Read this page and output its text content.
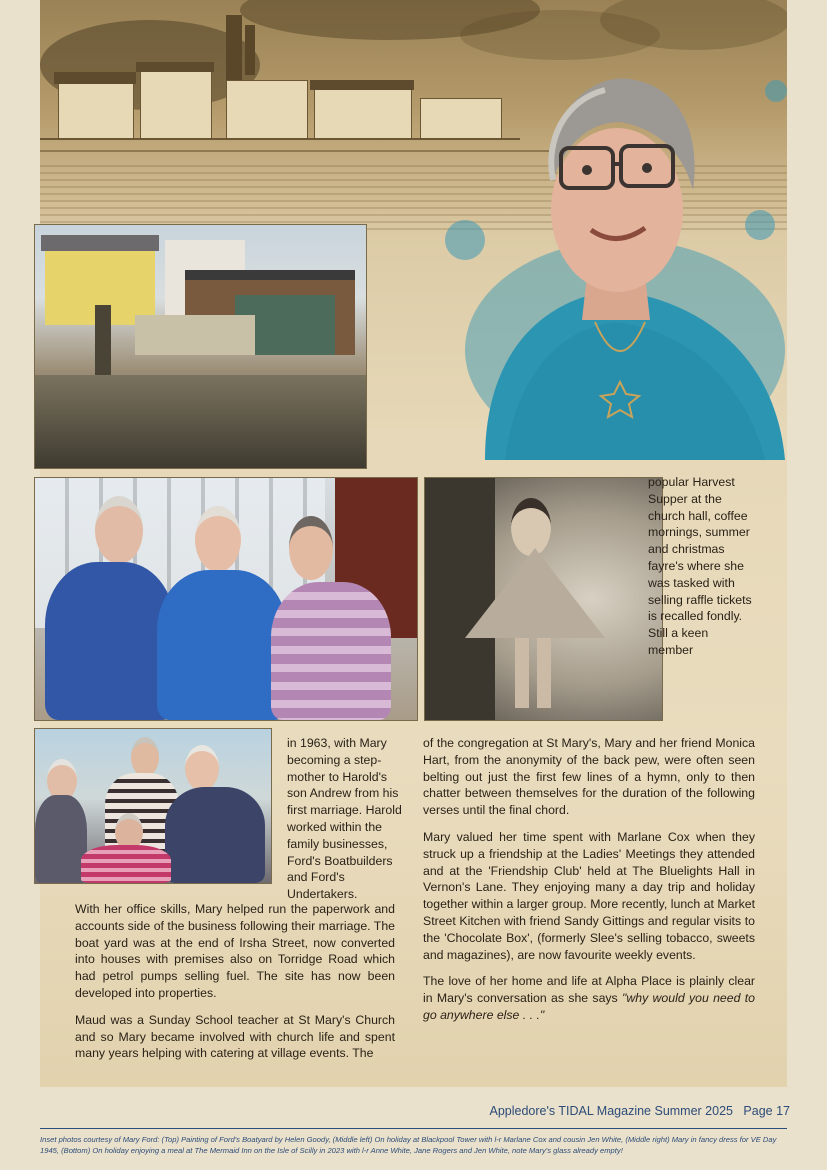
popular Harvest Supper at the church hall, coffee mornings, summer and christmas fayre's where she was tasked with selling raffle tickets is recalled fondly. Still a keen member
in 1963, with Mary becoming a step-mother to Harold's son Andrew from his first marriage. Harold worked within the family businesses, Ford's Boatbuilders and Ford's Undertakers.

of the congregation at St Mary's, Mary and her friend Monica Hart, from the anonymity of the back pew, were often seen belting out just the first few lines of a hymn, only to then chatter between themselves for the duration of the following verses until the final chord.

Mary valued her time spent with Marlane Cox when they struck up a friendship at the Ladies' Meetings they attended and at the 'Friendship Club' held at The Bluelights Hall in Vernon's Lane. They enjoying many a day trip and holiday together within a larger group. More recently, lunch at Market Street Kitchen with friend Sandy Gittings and regular visits to the 'Chocolate Box', (formerly Slee's selling tobacco, sweets and magazines), are now favourite weekly events.

The love of her home and life at Alpha Place is plainly clear in Mary's conversation as she says "why would you need to go anywhere else . . ."

With her office skills, Mary helped run the paperwork and accounts side of the business following their marriage. The boat yard was at the end of Irsha Street, now converted into houses with premises also on Torridge Road which had petrol pumps selling fuel. The site has now been developed into properties.

Maud was a Sunday School teacher at St Mary's Church and so Mary became involved with church life and spent many years helping with catering at village events. The

Appledore's TIDAL Magazine Summer 2025 Page 17
Inset photos courtesy of Mary Ford: (Top) Painting of Ford's Boatyard by Helen Goody, (Middle left) On holiday at Blackpool Tower with l-r Marlane Cox and cousin Jen White, (Middle right) Mary in fancy dress for VE Day 1945, (Bottom) On holiday enjoying a meal at The Mermaid Inn on the Isle of Scilly in 2023 with l-r Anne White, Jane Rogers and Jen White, note Mary's glass already empty!
